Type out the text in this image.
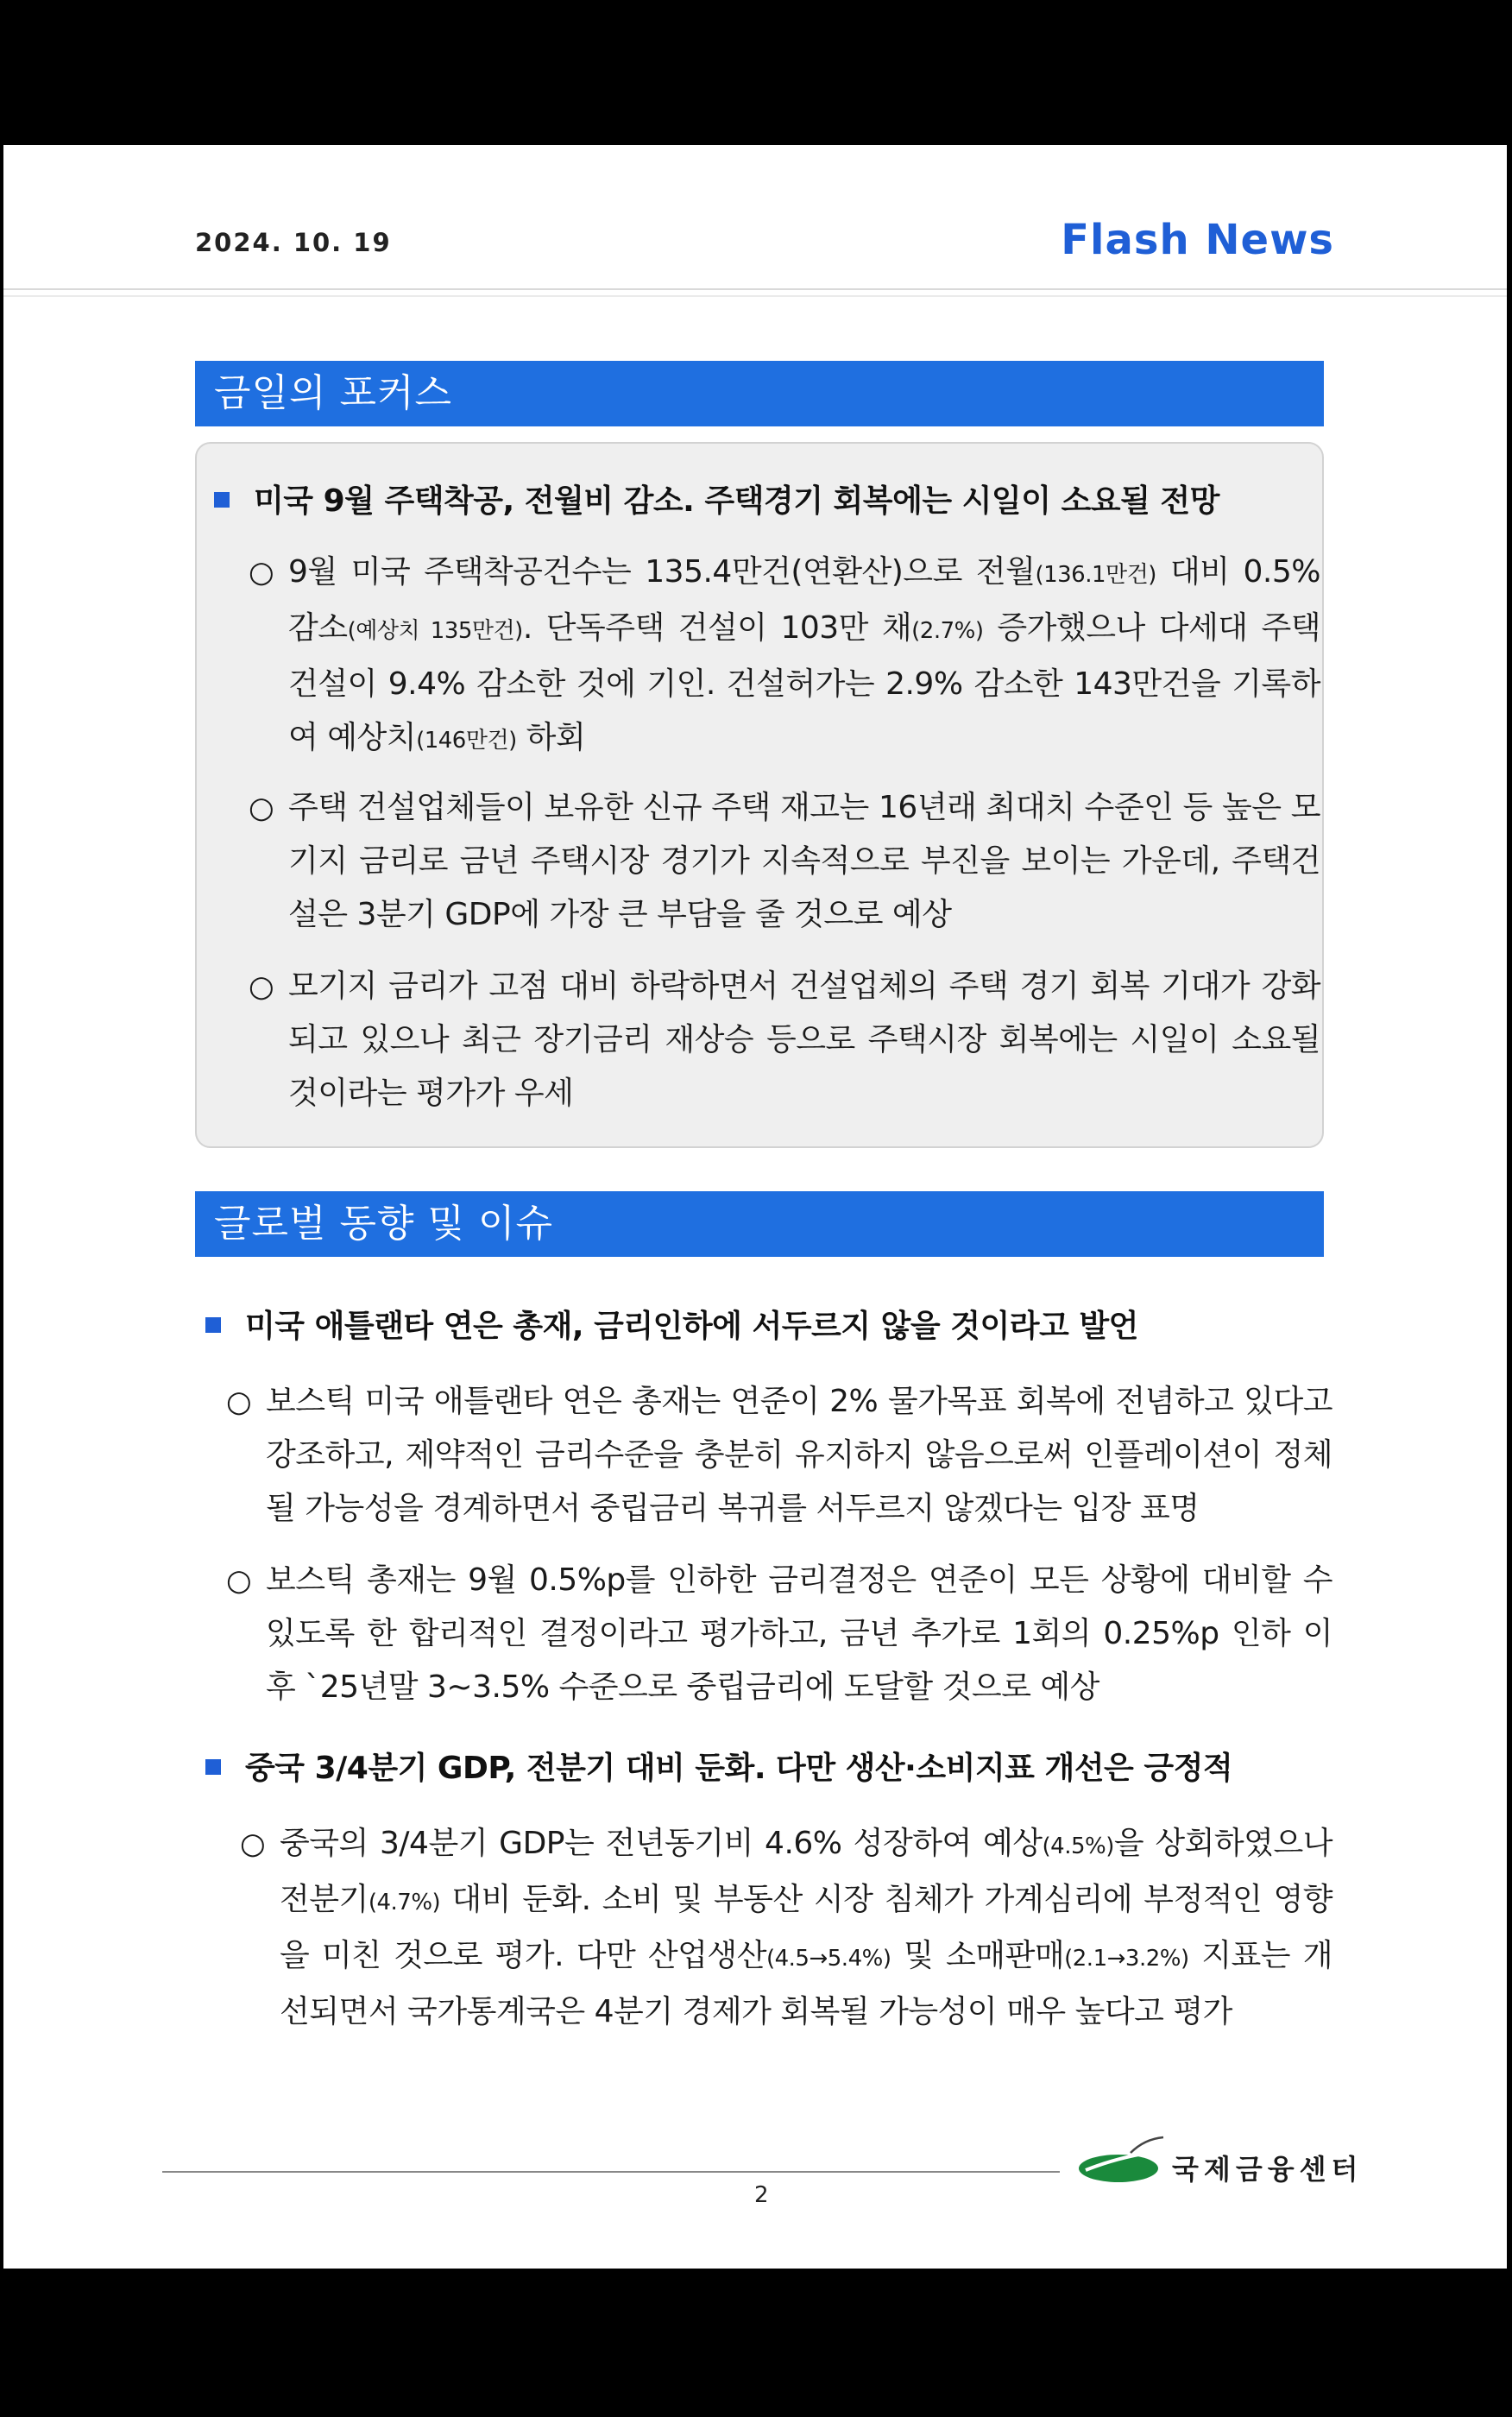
2024. 10. 19	Flash News
금일의 포커스
미국 9월 주택착공, 전월비 감소. 주택경기 회복에는 시일이 소요될 전망
○ 9월 미국 주택착공건수는 135.4만건(연환산)으로 전월(136.1만건) 대비 0.5% 감소(예상치 135만건). 단독주택 건설이 103만 채(2.7%) 증가했으나 다세대 주택 건설이 9.4% 감소한 것에 기인. 건설허가는 2.9% 감소한 143만건을 기록하여 예상치(146만건) 하회
○ 주택 건설업체들이 보유한 신규 주택 재고는 16년래 최대치 수준인 등 높은 모기지 금리로 금년 주택시장 경기가 지속적으로 부진을 보이는 가운데, 주택건설은 3분기 GDP에 가장 큰 부담을 줄 것으로 예상
○ 모기지 금리가 고점 대비 하락하면서 건설업체의 주택 경기 회복 기대가 강화되고 있으나 최근 장기금리 재상승 등으로 주택시장 회복에는 시일이 소요될 것이라는 평가가 우세
글로벌 동향 및 이슈
미국 애틀랜타 연은 총재, 금리인하에 서두르지 않을 것이라고 발언
○ 보스틱 미국 애틀랜타 연은 총재는 연준이 2% 물가목표 회복에 전념하고 있다고 강조하고, 제약적인 금리수준을 충분히 유지하지 않음으로써 인플레이션이 정체될 가능성을 경계하면서 중립금리 복귀를 서두르지 않겠다는 입장 표명
○ 보스틱 총재는 9월 0.5%p를 인하한 금리결정은 연준이 모든 상황에 대비할 수 있도록 한 합리적인 결정이라고 평가하고, 금년 추가로 1회의 0.25%p 인하 이후 `25년말 3~3.5% 수준으로 중립금리에 도달할 것으로 예상
중국 3/4분기 GDP, 전분기 대비 둔화. 다만 생산·소비지표 개선은 긍정적
○ 중국의 3/4분기 GDP는 전년동기비 4.6% 성장하여 예상(4.5%)을 상회하였으나 전분기(4.7%) 대비 둔화. 소비 및 부동산 시장 침체가 가계심리에 부정적인 영향을 미친 것으로 평가. 다만 산업생산(4.5→5.4%) 및 소매판매(2.1→3.2%) 지표는 개선되면서 국가통계국은 4분기 경제가 회복될 가능성이 매우 높다고 평가
2
국제금융센터
